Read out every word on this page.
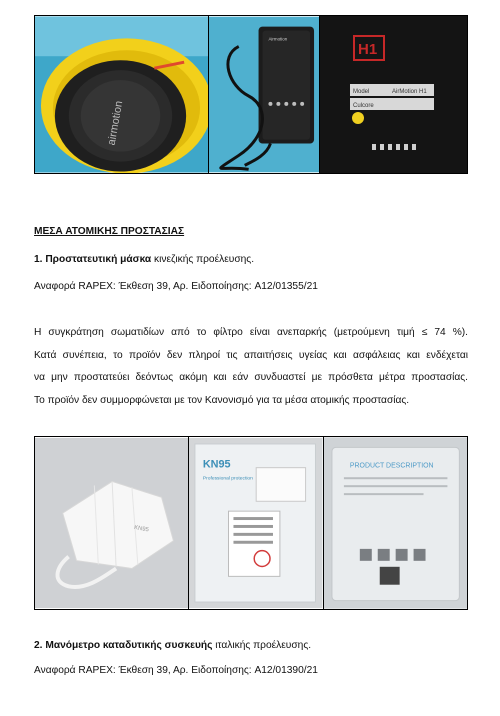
airmotion
Airmotion
H1
Model	AirMotion H1
Culcore
ΜΕΣΑ ΑΤΟΜΙΚΗΣ ΠΡΟΣΤΑΣΙΑΣ
1. Προστατευτική μάσκα κινεζικής προέλευσης.
Αναφορά RAPEX: Έκθεση 39, Αρ. Ειδοποίησης: A12/01355/21
Η συγκράτηση σωματιδίων από το φίλτρο είναι ανεπαρκής (μετρούμενη τιμή ≤ 74 %).
Κατά συνέπεια, το προϊόν δεν πληροί τις απαιτήσεις υγείας και ασφάλειας και ενδέχεται
να μην προστατεύει δεόντως ακόμη και εάν συνδυαστεί με πρόσθετα μέτρα προστασίας.
Το προϊόν δεν συμμορφώνεται με τον Κανονισμό για τα μέσα ατομικής προστασίας.
KN95
KN95
Professional protection
PRODUCT DESCRIPTION
2. Μανόμετρο καταδυτικής συσκευής ιταλικής προέλευσης.
Αναφορά RAPEX: Έκθεση 39, Αρ. Ειδοποίησης: A12/01390/21
